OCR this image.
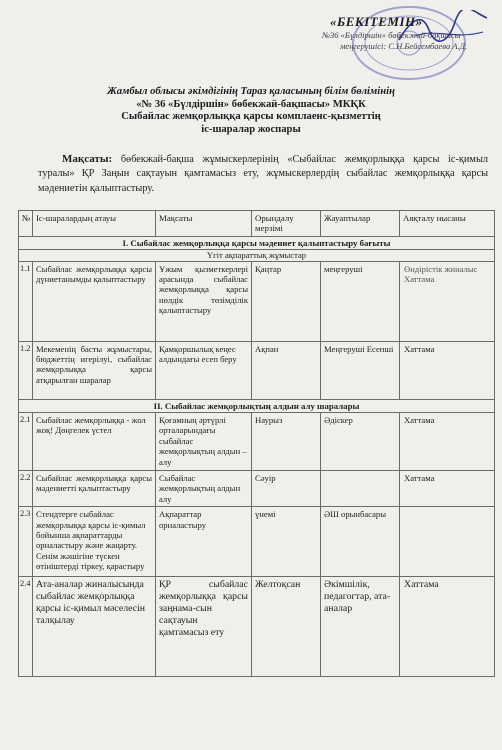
«БЕКІТЕМІН»
№36 «Бүлдіршін» бөбекжай-бақшасы
меңгерушісі: С.Н.Бейсембаева А.Д.
Жамбыл облысы әкімдігінің Тараз қаласының білім бөлімінің
«№ 36 «Бүлдіршін» бөбекжай-бақшасы» МКҚК
Сыбайлас жемқорлыққа қарсы комплаенс-қызметтің
іс-шаралар жоспары
Мақсаты: бөбекжай-бақша жұмыскерлерінің «Сыбайлас жемқорлыққа қарсы іс-қимыл туралы» ҚР Заңын сақтауын қамтамасыз ету, жұмыскерлердің сыбайлас жемқорлыққа қарсы мәдениетін қалыптастыру.
№	Іс-шаралардың атауы	Мақсаты	Орындалу мерзімі	Жауаптылар	Аяқталу нысаны
І. Сыбайлас жемқорлыққа қарсы мәдениет қалыптастыру бағыты					
Үгіт ақпараттық жұмыстар					
1.1	Сыбайлас жемқорлыққа қарсы дүниетанымды қалыптастыру	Ұжым қызметкерлері арасында сыбайлас жемқорлыққа қарсы нөлдік төзімділік қалыптастыру	Қаңтар	меңгеруші	Өндірістік жиналыс Хаттама
1.2	Мекеменің басты жұмыстары, бюджеттің игерілуі, сыбайлас жемқорлыққа қарсы атқарылған шаралар	Қамқоршылық кеңес алдындағы есеп беру	Ақпан	Меңгеруші Есепші	Хаттама
ІІ. Сыбайлас жемқорлықтың алдын алу шаралары					
2.1	Сыбайлас жемқорлыққа - жол жоқ! Дөңгелек үстел	Қоғамның әртүрлі орталарындағы сыбайлас жемқорлықтың алдын – алу	Наурыз	Әдіскер	Хаттама
2.2	Сыбайлас жемқорлыққа қарсы мәдениетті қалыптастыру	Сыбайлас жемқорлықтың алдын алу	Сәуір		Хаттама
2.3	Стендтерге сыбайлас жемқорлыққа қарсы іс-қимыл бойынша ақпараттарды орналастыру және жаңарту. Сенім жәшігіне түскен өтініштерді тіркеу, қарастыру	Ақпараттар орналастыру	үнемі	ӘШ орынбасары	
2.4	Ата-аналар жиналысында сыбайлас жемқорлыққа қарсы іс-қимыл мәселесін талқылау	ҚР сыбайлас жемқорлыққа қарсы заңнама-сын сақтауын қамтамасыз ету	Желтоқсан	Әкімшілік, педагогтар, ата-аналар	Хаттама
